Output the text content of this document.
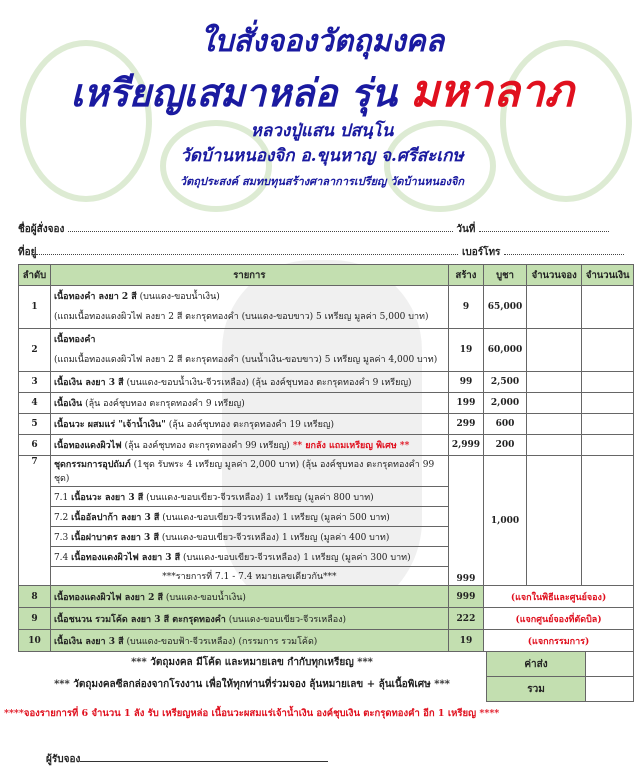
ใบสั่งจองวัตถุมงคล
เหรียญเสมาหล่อ รุ่น มหาลาภ
หลวงปู่แสน ปสนฺโน
วัดบ้านหนองจิก อ.ขุนหาญ จ.ศรีสะเกษ
วัตถุประสงค์ สมทบทุนสร้างศาลาการเปรียญ วัดบ้านหนองจิก
ชื่อผู้สั่งจอง	วันที่
ที่อยู่	เบอร์โทร
ลำดับ	รายการ	สร้าง	บูชา	จำนวนจอง	จำนวนเงิน
1	เนื้อทองคำ ลงยา 2 สี (บนแดง-ขอบน้ำเงิน)
(แถมเนื้อทองแดงผิวไฟ ลงยา 2 สี ตะกรุดทองคำ (บนแดง-ขอบขาว) 5 เหรียญ มูลค่า 5,000 บาท)	9	65,000		
2	เนื้อทองคำ
(แถมเนื้อทองแดงผิวไฟ ลงยา 2 สี ตะกรุดทองคำ (บนน้ำเงิน-ขอบขาว) 5 เหรียญ มูลค่า 4,000 บาท)	19	60,000		
3	เนื้อเงิน ลงยา 3 สี (บนแดง-ขอบน้ำเงิน-จีวรเหลือง) (ลุ้น องค์ชุบทอง ตะกรุดทองคำ 9 เหรียญ)	99	2,500		
4	เนื้อเงิน (ลุ้น องค์ชุบทอง ตะกรุดทองคำ 9 เหรียญ)	199	2,000		
5	เนื้อนวะ ผสมแร่ "เจ้าน้ำเงิน" (ลุ้น องค์ชุบทอง ตะกรุดทองคำ 19 เหรียญ)	299	600		
6	เนื้อทองแดงผิวไฟ (ลุ้น องค์ชุบทอง ตะกรุดทองคำ 99 เหรียญ) ** ยกลัง แถมเหรียญ พิเศษ **	2,999	200		
7	ชุดกรรมการอุปถัมภ์ (1ชุด รับพระ 4 เหรียญ มูลค่า 2,000 บาท) (ลุ้น องค์ชุบทอง ตะกรุดทองคำ 99 ชุด)	999	1,000		
	7.1 เนื้อนวะ ลงยา 3 สี (บนแดง-ขอบเขียว-จีวรเหลือง) 1 เหรียญ (มูลค่า 800 บาท)				
	7.2 เนื้ออัลปาก้า ลงยา 3 สี (บนแดง-ขอบเขียว-จีวรเหลือง) 1 เหรียญ (มูลค่า 500 บาท)				
	7.3 เนื้อฝาบาตร ลงยา 3 สี (บนแดง-ขอบเขียว-จีวรเหลือง) 1 เหรียญ (มูลค่า 400 บาท)				
	7.4 เนื้อทองแดงผิวไฟ ลงยา 3 สี (บนแดง-ขอบเขียว-จีวรเหลือง) 1 เหรียญ (มูลค่า 300 บาท)				
	***รายการที่ 7.1 - 7.4 หมายเลขเดียวกัน***				
8	เนื้อทองแดงผิวไฟ ลงยา 2 สี (บนแดง-ขอบน้ำเงิน)	999	(แจกในพิธีและศูนย์จอง)		
9	เนื้อชนวน รวมโค้ด ลงยา 3 สี ตะกรุดทองคำ (บนแดง-ขอบเขียว-จีวรเหลือง)	222	(แจกศูนย์จองที่ตัดบิล)		
10	เนื้อเงิน ลงยา 3 สี (บนแดง-ขอบฟ้า-จีวรเหลือง) (กรรมการ รวมโค้ด)	19	(แจกกรรมการ)		
*** วัตถุมงคล มีโค้ด และหมายเลข กำกับทุกเหรียญ ***
*** วัตถุมงคลซีลกล่องจากโรงงาน เพื่อให้ทุกท่านที่ร่วมจอง ลุ้นหมายเลข + ลุ้นเนื้อพิเศษ ***
ค่าส่ง	
รวม	
****จองรายการที่ 6 จำนวน 1 ลัง รับ เหรียญหล่อ เนื้อนวะผสมแร่เจ้าน้ำเงิน องค์ชุบเงิน ตะกรุดทองคำ อีก 1 เหรียญ ****
ผู้รับจอง
